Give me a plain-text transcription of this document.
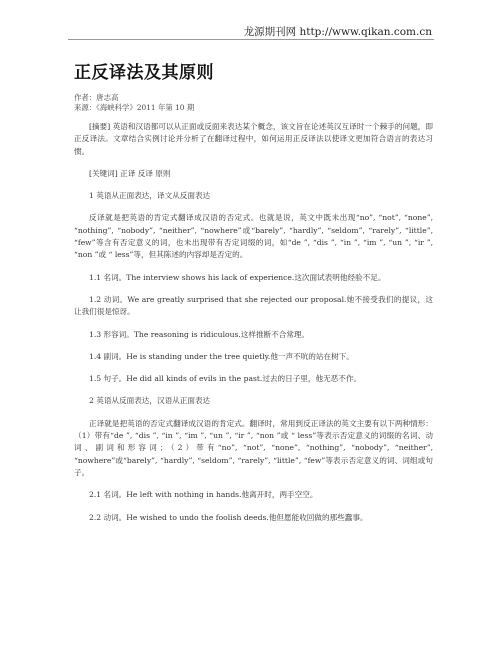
龙源期刊网 http://www.qikan.com.cn
正反译法及其原则
作者：唐志高
来源：《海峡科学》2011 年第 10 期

[摘要] 英语和汉语都可以从正面或反面来表达某个概念，该文旨在论述英汉互译时一个棘手的问题，即正反译法。文章结合实例讨论并分析了在翻译过程中，如何运用正反译法以使译文更加符合语言的表达习惯。

[关键词] 正译 反译 原则

1 英语从正面表达，译文从反面表达

反译就是把英语的肯定式翻译成汉语的否定式。也就是说，英文中既未出现“no”, “not”, “none”, “nothing”, “nobody”, “neither”, “nowhere”或“barely”, “hardly”, “seldom”, “rarely”, “little”, “few”等含有否定意义的词，也未出现带有否定词缀的词，如“de ”, “dis ”, “in ”, “im ”, “un ”, “ir ”, “non ”或 “ less”等，但其陈述的内容却是否定的。

1.1 名词。The interview shows his lack of experience.这次面试表明他经验不足。

1.2 动词。We are greatly surprised that she rejected our proposal.她不接受我们的提议，这让我们很是惊讶。

1.3 形容词。The reasoning is ridiculous.这样推断不合常理。

1.4 副词。He is standing under the tree quietly.他一声不吭的站在树下。

1.5 句子。He did all kinds of evils in the past.过去的日子里，他无恶不作。

2 英语从反面表达，汉语从正面表达

正译就是把英语的否定式翻译成汉语的肯定式。翻译时，常用到反正译法的英文主要有以下两种情形：（1）带有“de ”, “dis ”, “in ”, “im ”, “un ”, “ir ”, “non ”或 “ less”等表示否定意义的词缀的名词、动词、副词和形容词；（2）带有“no”, “not”, “none”, “nothing”, “nobody”, “neither”, “nowhere”或“barely”, “hardly”, “seldom”, “rarely”, “little”, “few”等表示否定意义的词、词组或句子。

2.1 名词。He left with nothing in hands.他离开时，两手空空。

2.2 动词。He wished to undo the foolish deeds.他但愿能收回做的那些蠢事。
